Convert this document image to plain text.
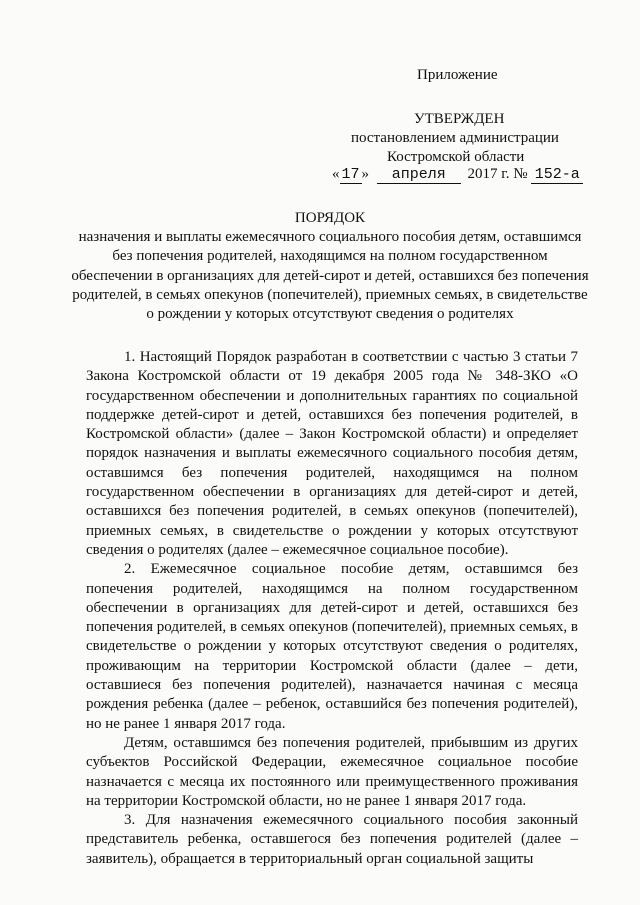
Приложение
УТВЕРЖДЕН
постановлением администрации
Костромской области
« 17 » апреля 2017 г. № 152-а
ПОРЯДОК
назначения и выплаты ежемесячного социального пособия детям, оставшимся без попечения родителей, находящимся на полном государственном обеспечении в организациях для детей-сирот и детей, оставшихся без попечения родителей, в семьях опекунов (попечителей), приемных семьях, в свидетельстве о рождении у которых отсутствуют сведения о родителях

1. Настоящий Порядок разработан в соответствии с частью 3 статьи 7 Закона Костромской области от 19 декабря 2005 года № 348-ЗКО «О государственном обеспечении и дополнительных гарантиях по социальной поддержке детей-сирот и детей, оставшихся без попечения родителей, в Костромской области» (далее – Закон Костромской области) и определяет порядок назначения и выплаты ежемесячного социального пособия детям, оставшимся без попечения родителей, находящимся на полном государственном обеспечении в организациях для детей-сирот и детей, оставшихся без попечения родителей, в семьях опекунов (попечителей), приемных семьях, в свидетельстве о рождении у которых отсутствуют сведения о родителях (далее – ежемесячное социальное пособие).

2. Ежемесячное социальное пособие детям, оставшимся без попечения родителей, находящимся на полном государственном обеспечении в организациях для детей-сирот и детей, оставшихся без попечения родителей, в семьях опекунов (попечителей), приемных семьях, в свидетельстве о рождении у которых отсутствуют сведения о родителях, проживающим на территории Костромской области (далее – дети, оставшиеся без попечения родителей), назначается начиная с месяца рождения ребенка (далее – ребенок, оставшийся без попечения родителей), но не ранее 1 января 2017 года.

Детям, оставшимся без попечения родителей, прибывшим из других субъектов Российской Федерации, ежемесячное социальное пособие назначается с месяца их постоянного или преимущественного проживания на территории Костромской области, но не ранее 1 января 2017 года.

3. Для назначения ежемесячного социального пособия законный представитель ребенка, оставшегося без попечения родителей (далее – заявитель), обращается в территориальный орган социальной защиты
